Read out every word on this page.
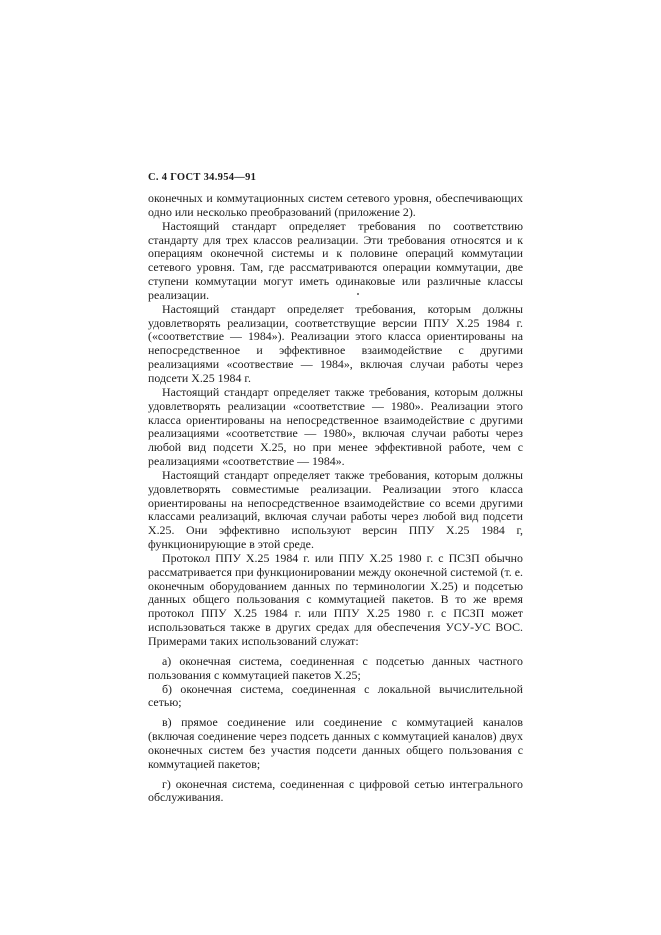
С. 4 ГОСТ 34.954—91

оконечных и коммутационных систем сетевого уровня, обеспечивающих одно или несколько преобразований (приложение 2).

Настоящий стандарт определяет требования по соответствию стандарту для трех классов реализации. Эти требования относятся и к операциям оконечной системы и к половине операций коммутации сетевого уровня. Там, где рассматриваются операции коммутации, две ступени коммутации могут иметь одинаковые или различные классы реализации.

Настоящий стандарт определяет требования, которым должны удовлетворять реализации, соответствущие версии ППУ X.25 1984 г. («соответствие — 1984»). Реализации этого класса ориентированы на непосредственное и эффективное взаимодействие с другими реализациями «соотвествие — 1984», включая случаи работы через подсети X.25 1984 г.

Настоящий стандарт определяет также требования, которым должны удовлетворять реализации «соответствие — 1980». Реализации этого класса ориентированы на непосредственное взаимодействие с другими реализациями «соответствие — 1980», включая случаи работы через любой вид подсети X.25, но при менее эффективной работе, чем с реализациями «соответствие — 1984».

Настоящий стандарт определяет также требования, которым должны удовлетворять совместимые реализации. Реализации этого класса ориентированы на непосредственное взаимодействие со всеми другими классами реализаций, включая случаи работы через любой вид подсети X.25. Они эффективно используют версин ППУ X.25 1984 г, функционирующие в этой среде.

Протокол ППУ X.25 1984 г. или ППУ X.25 1980 г. с ПСЗП обычно рассматривается при функционировании между оконечной системой (т. е. оконечным оборудованием данных по терминологии X.25) и подсетью данных общего пользования с коммутацией пакетов. В то же время протокол ППУ X.25 1984 г. или ППУ X.25 1980 г. с ПСЗП может использоваться также в других средах для обеспечения УСУ-УС ВОС. Примерами таких использований служат:

а) оконечная система, соединенная с подсетью данных частного пользования с коммутацией пакетов X.25;

б) оконечная система, соединенная с локальной вычислительной сетью;

в) прямое соединение или соединение с коммутацией каналов (включая соединение через подсеть данных с коммутацией каналов) двух оконечных систем без участия подсети данных общего пользования с коммутацией пакетов;

г) оконечная система, соединенная с цифровой сетью интегрального обслуживания.
